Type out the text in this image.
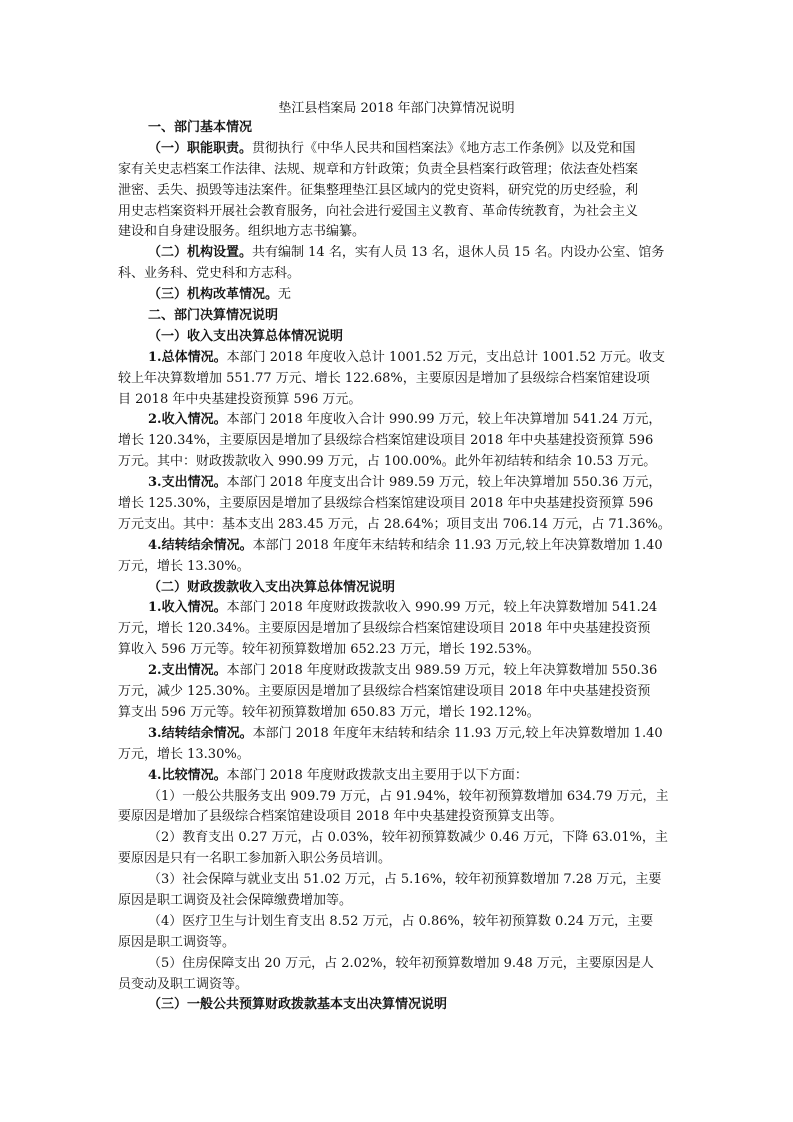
垫江县档案局 2018 年部门决算情况说明
一、部门基本情况
（一）职能职责。贯彻执行《中华人民共和国档案法》《地方志工作条例》以及党和国
家有关史志档案工作法律、法规、规章和方针政策；负责全县档案行政管理；依法查处档案
泄密、丢失、损毁等违法案件。征集整理垫江县区域内的党史资料，研究党的历史经验，利
用史志档案资料开展社会教育服务，向社会进行爱国主义教育、革命传统教育，为社会主义
建设和自身建设服务。组织地方志书编纂。
（二）机构设置。共有编制 14 名，实有人员 13 名，退休人员 15 名。内设办公室、馆务
科、业务科、党史科和方志科。
（三）机构改革情况。无
二、部门决算情况说明
（一）收入支出决算总体情况说明
1.总体情况。本部门 2018 年度收入总计 1001.52 万元，支出总计 1001.52 万元。收支
较上年决算数增加 551.77 万元、增长 122.68%，主要原因是增加了县级综合档案馆建设项
目 2018 年中央基建投资预算 596 万元。
2.收入情况。本部门 2018 年度收入合计 990.99 万元，较上年决算增加 541.24 万元，
增长 120.34%，主要原因是增加了县级综合档案馆建设项目 2018 年中央基建投资预算 596
万元。其中：财政拨款收入 990.99 万元，占 100.00%。此外年初结转和结余 10.53 万元。
3.支出情况。本部门 2018 年度支出合计 989.59 万元，较上年决算增加 550.36 万元，
增长 125.30%，主要原因是增加了县级综合档案馆建设项目 2018 年中央基建投资预算 596
万元支出。其中：基本支出 283.45 万元，占 28.64%；项目支出 706.14 万元，占 71.36%。
4.结转结余情况。本部门 2018 年度年末结转和结余 11.93 万元,较上年决算数增加 1.40
万元，增长 13.30%。
（二）财政拨款收入支出决算总体情况说明
1.收入情况。本部门 2018 年度财政拨款收入 990.99 万元，较上年决算数增加 541.24
万元，增长 120.34%。主要原因是增加了县级综合档案馆建设项目 2018 年中央基建投资预
算收入 596 万元等。较年初预算数增加 652.23 万元，增长 192.53%。
2.支出情况。本部门 2018 年度财政拨款支出 989.59 万元，较上年决算数增加 550.36
万元，减少 125.30%。主要原因是增加了县级综合档案馆建设项目 2018 年中央基建投资预
算支出 596 万元等。较年初预算数增加 650.83 万元，增长 192.12%。
3.结转结余情况。本部门 2018 年度年末结转和结余 11.93 万元,较上年决算数增加 1.40
万元，增长 13.30%。
4.比较情况。本部门 2018 年度财政拨款支出主要用于以下方面：
（1）一般公共服务支出 909.79 万元，占 91.94%，较年初预算数增加 634.79 万元，主
要原因是增加了县级综合档案馆建设项目 2018 年中央基建投资预算支出等。
（2）教育支出 0.27 万元，占 0.03%，较年初预算数减少 0.46 万元，下降 63.01%，主
要原因是只有一名职工参加新入职公务员培训。
（3）社会保障与就业支出 51.02 万元，占 5.16%，较年初预算数增加 7.28 万元，主要
原因是职工调资及社会保障缴费增加等。
（4）医疗卫生与计划生育支出 8.52 万元，占 0.86%，较年初预算数 0.24 万元，主要
原因是职工调资等。
（5）住房保障支出 20 万元，占 2.02%，较年初预算数增加 9.48 万元，主要原因是人
员变动及职工调资等。
（三）一般公共预算财政拨款基本支出决算情况说明
